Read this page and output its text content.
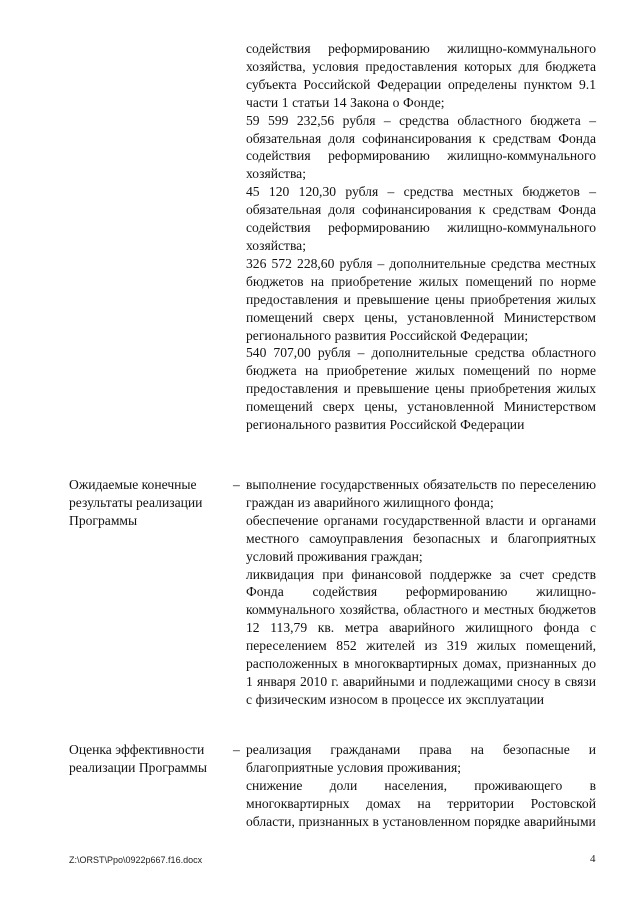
содействия реформированию жилищно-коммунального хозяйства, условия предоставления которых для бюджета субъекта Российской Федерации определены пунктом 9.1 части 1 статьи 14 Закона о Фонде;

59 599 232,56 рубля – средства областного бюджета – обязательная доля софинансирования к средствам Фонда содействия реформированию жилищно-коммунального хозяйства;

45 120 120,30 рубля – средства местных бюджетов – обязательная доля софинансирования к средствам Фонда содействия реформированию жилищно-коммунального хозяйства;

326 572 228,60 рубля – дополнительные средства местных бюджетов на приобретение жилых помещений по норме предоставления и превышение цены приобретения жилых помещений сверх цены, установленной Министерством регионального развития Российской Федерации;

540 707,00 рубля – дополнительные средства областного бюджета на приобретение жилых помещений по норме предоставления и превышение цены приобретения жилых помещений сверх цены, установленной Министерством регионального развития Российской Федерации

Ожидаемые конечные результаты реализации Программы

– выполнение государственных обязательств по переселению граждан из аварийного жилищного фонда;

обеспечение органами государственной власти и органами местного самоуправления безопасных и благоприятных условий проживания граждан;

ликвидация при финансовой поддержке за счет средств Фонда содействия реформированию жилищно-коммунального хозяйства, областного и местных бюджетов 12 113,79 кв. метра аварийного жилищного фонда с переселением 852 жителей из 319 жилых помещений, расположенных в многоквартирных домах, признанных до 1 января 2010 г. аварийными и подлежащими сносу в связи с физическим износом в процессе их эксплуатации

Оценка эффективности реализации Программы

– реализация гражданами права на безопасные и благоприятные условия проживания;

снижение доли населения, проживающего в многоквартирных домах на территории Ростовской области, признанных в установленном порядке аварийными

Z:\ORST\Ppo\0922p667.f16.docx	4
